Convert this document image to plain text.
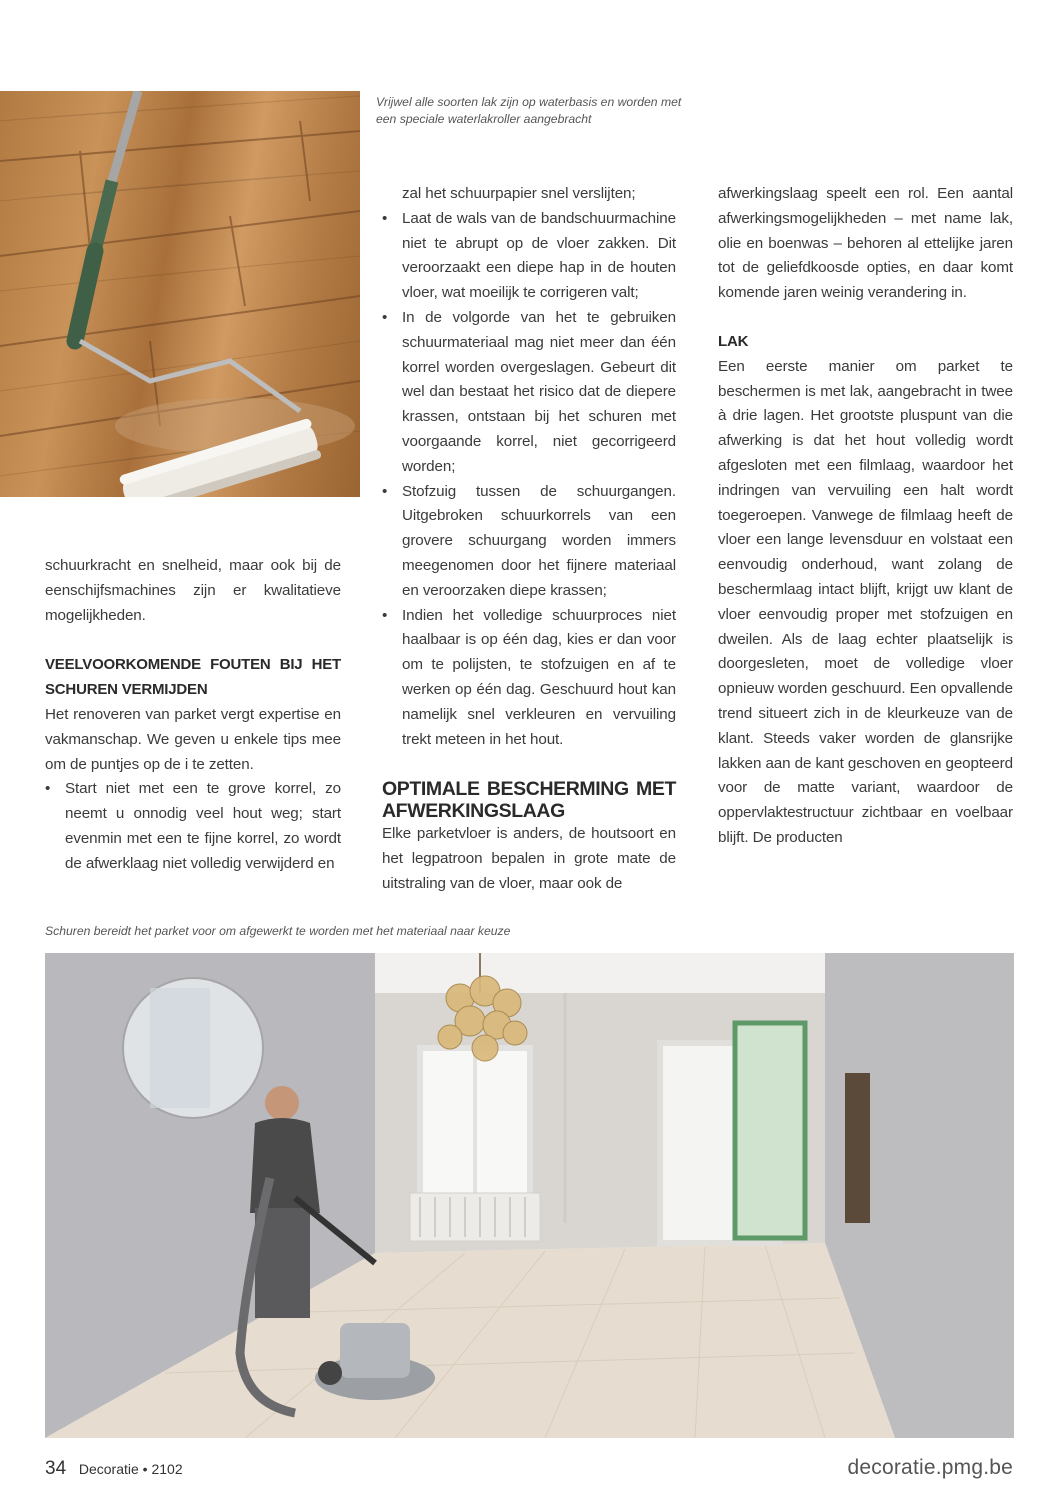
Vrijwel alle soorten lak zijn op waterbasis en worden met een speciale waterlakroller aangebracht

schuurkracht en snelheid, maar ook bij de eenschijfsmachines zijn er kwalitatieve mogelijkheden.

VEELVOORKOMENDE FOUTEN BIJ HET SCHUREN VERMIJDEN

Het renoveren van parket vergt expertise en vakmanschap. We geven u enkele tips mee om de puntjes op de i te zetten.

• Start niet met een te grove korrel, zo neemt u onnodig veel hout weg; start evenmin met een te fijne korrel, zo wordt de afwerklaag niet volledig verwijderd en

zal het schuurpapier snel verslijten;

• Laat de wals van de bandschuurmachine niet te abrupt op de vloer zakken. Dit veroorzaakt een diepe hap in de houten vloer, wat moeilijk te corrigeren valt;
• In de volgorde van het te gebruiken schuurmateriaal mag niet meer dan één korrel worden overgeslagen. Gebeurt dit wel dan bestaat het risico dat de diepere krassen, ontstaan bij het schuren met voorgaande korrel, niet gecorrigeerd worden;
• Stofzuig tussen de schuurgangen. Uitgebroken schuurkorrels van een grovere schuurgang worden immers meegenomen door het fijnere materiaal en veroorzaken diepe krassen;
• Indien het volledige schuurproces niet haalbaar is op één dag, kies er dan voor om te polijsten, te stofzuigen en af te werken op één dag. Geschuurd hout kan namelijk snel verkleuren en vervuiling trekt meteen in het hout.
OPTIMALE BESCHERMING MET AFWERKINGSLAAG

Elke parketvloer is anders, de houtsoort en het legpatroon bepalen in grote mate de uitstraling van de vloer, maar ook de

afwerkingslaag speelt een rol. Een aantal afwerkingsmogelijkheden – met name lak, olie en boenwas – behoren al ettelijke jaren tot de geliefdkoosde opties, en daar komt komende jaren weinig verandering in.

LAK

Een eerste manier om parket te beschermen is met lak, aangebracht in twee à drie lagen. Het grootste pluspunt van die afwerking is dat het hout volledig wordt afgesloten met een filmlaag, waardoor het indringen van vervuiling een halt wordt toegeroepen. Vanwege de filmlaag heeft de vloer een lange levensduur en volstaat een eenvoudig onderhoud, want zolang de beschermlaag intact blijft, krijgt uw klant de vloer eenvoudig proper met stofzuigen en dweilen. Als de laag echter plaatselijk is doorgesleten, moet de volledige vloer opnieuw worden geschuurd. Een opvallende trend situeert zich in de kleurkeuze van de klant. Steeds vaker worden de glansrijke lakken aan de kant geschoven en geopteerd voor de matte variant, waardoor de oppervlaktestructuur zichtbaar en voelbaar blijft. De producten

Schuren bereidt het parket voor om afgewerkt te worden met het materiaal naar keuze
34 Decoratie • 2102	decoratie.pmg.be
